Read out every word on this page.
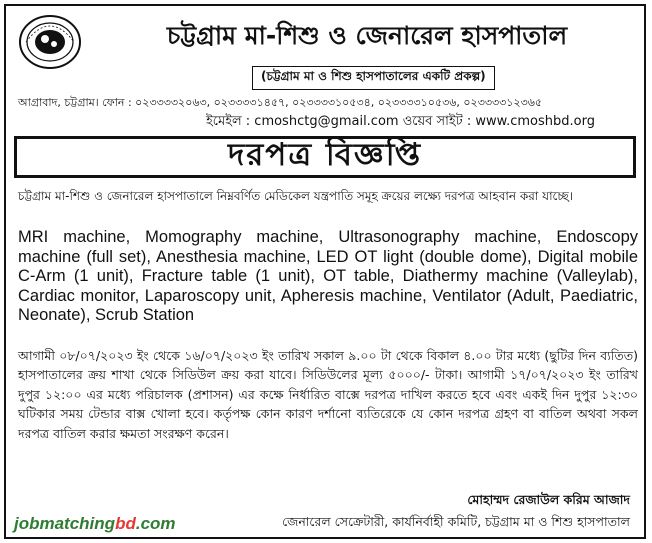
চট্টগ্রাম মা-শিশু ও জেনারেল হাসপাতাল
(চট্টগ্রাম মা ও শিশু হাসপাতালের একটি প্রকল্প)
আগ্রাবাদ, চট্টগ্রাম। ফোন : ০২৩৩৩৩২০৬৩, ০২৩৩৩৩১৪৫৭, ০২৩৩৩৩১০৫৩৪, ০২৩৩৩৩১০৫৩৬, ০২৩৩৩৩১২৩৬৫
ইমেইল : cmoshctg@gmail.com ওয়েব সাইট : www.cmoshbd.org
দরপত্র বিজ্ঞপ্তি
চট্টগ্রাম মা-শিশু ও জেনারেল হাসপাতালে নিম্নবর্ণিত মেডিকেল যন্ত্রপাতি সমূহ ক্রয়ের লক্ষ্যে দরপত্র আহবান করা যাচ্ছে।
MRI machine, Momography machine, Ultrasonography machine, Endoscopy machine (full set), Anesthesia machine, LED OT light (double dome), Digital mobile C-Arm (1 unit), Fracture table (1 unit), OT table, Diathermy machine (Valleylab), Cardiac monitor, Laparoscopy unit, Apheresis machine, Ventilator (Adult, Paediatric, Neonate), Scrub Station
আগামী ০৮/০৭/২০২৩ ইং থেকে ১৬/০৭/২০২৩ ইং তারিখ সকাল ৯.০০ টা থেকে বিকাল ৪.০০ টার মধ্যে (ছুটির দিন ব্যতিত) হাসপাতালের ক্রয় শাখা থেকে সিডিউল ক্রয় করা যাবে। সিডিউলের মূল্য ৫০০০/- টাকা। আগামী ১৭/০৭/২০২৩ ইং তারিখ দুপুর ১২:০০ এর মধ্যে পরিচালক (প্রশাসন) এর কক্ষে নির্ধারিত বাক্সে দরপত্র দাখিল করতে হবে এবং একই দিন দুপুর ১২:৩০ ঘটিকার সময় টেন্ডার বাক্স খোলা হবে। কর্তৃপক্ষ কোন কারণ দর্শানো ব্যতিরেকে যে কোন দরপত্র গ্রহণ বা বাতিল অথবা সকল দরপত্র বাতিল করার ক্ষমতা সংরক্ষণ করেন।
মোহাম্মদ রেজাউল করিম আজাদ
জেনারেল সেক্রেটারী, কার্যনির্বাহী কমিটি, চট্টগ্রাম মা ও শিশু হাসপাতাল
jobmatchingbd.com
